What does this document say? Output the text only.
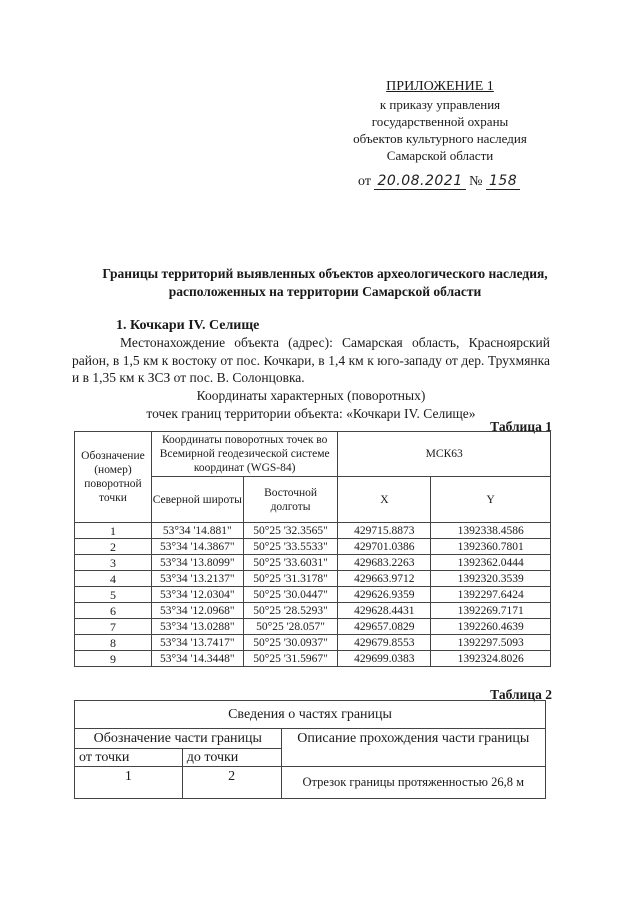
ПРИЛОЖЕНИЕ 1
к приказу управления
государственной охраны
объектов культурного наследия
Самарской области
от 20.08.2021 № 158
Границы территорий выявленных объектов археологического наследия,
расположенных на территории Самарской области
1. Кочкари IV. Селище
Местонахождение объекта (адрес): Самарская область, Красноярский район, в 1,5 км к востоку от пос. Кочкари, в 1,4 км к юго-западу от дер. Трухмянка и в 1,35 км к ЗСЗ от пос. В. Солонцовка.
Координаты характерных (поворотных)
точек границ территории объекта: «Кочкари IV. Селище»
Таблица 1
Обозначение (номер) поворотной точки	Координаты поворотных точек во Всемирной геодезической системе координат (WGS-84)		МСК63	
	Северной широты	Восточной долготы	X	Y
1	53°34 '14.881"	50°25 '32.3565"	429715.8873	1392338.4586
2	53°34 '14.3867"	50°25 '33.5533"	429701.0386	1392360.7801
3	53°34 '13.8099"	50°25 '33.6031"	429683.2263	1392362.0444
4	53°34 '13.2137"	50°25 '31.3178"	429663.9712	1392320.3539
5	53°34 '12.0304"	50°25 '30.0447"	429626.9359	1392297.6424
6	53°34 '12.0968"	50°25 '28.5293"	429628.4431	1392269.7171
7	53°34 '13.0288"	50°25 '28.057"	429657.0829	1392260.4639
8	53°34 '13.7417"	50°25 '30.0937"	429679.8553	1392297.5093
9	53°34 '14.3448"	50°25 '31.5967"	429699.0383	1392324.8026
Таблица 2
Сведения о частях границы		
Обозначение части границы		Описание прохождения части границы
от точки	до точки	
1	2	Отрезок границы протяженностью 26,8 м
